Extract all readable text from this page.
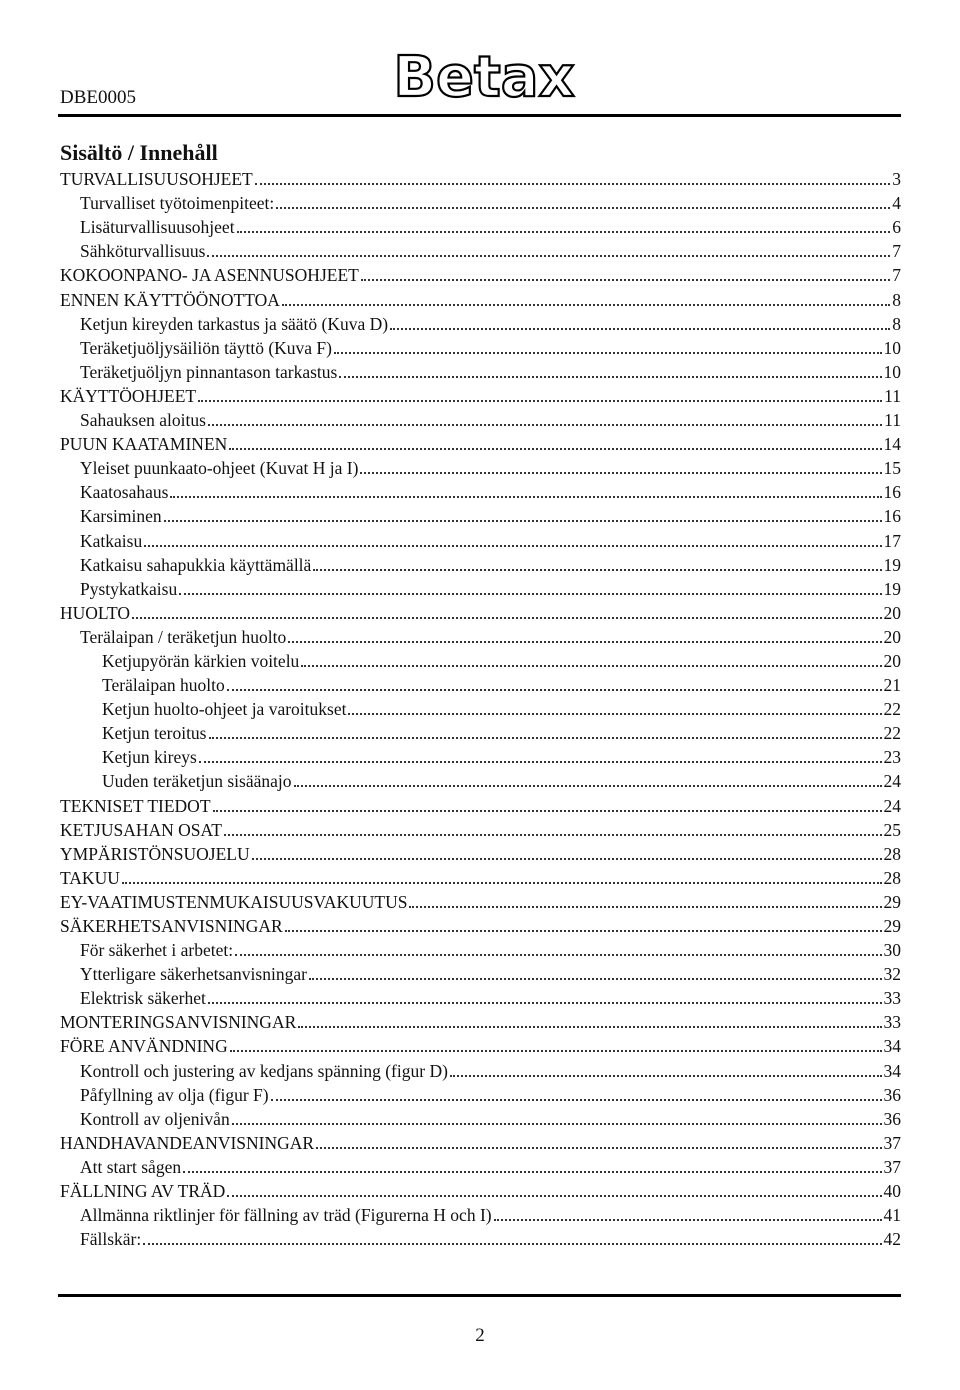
DBE0005	Betax
Sisältö / Innehåll
TURVALLISUUSOHJEET	3
Turvalliset työtoimenpiteet:	4
Lisäturvallisuusohjeet	6
Sähköturvallisuus	7
KOKOONPANO- JA ASENNUSOHJEET	7
ENNEN KÄYTTÖÖNOTTOA	8
Ketjun kireyden tarkastus ja säätö (Kuva D)	8
Teräketjuöljysäiliön täyttö (Kuva F)	10
Teräketjuöljyn pinnantason tarkastus	10
KÄYTTÖOHJEET	11
Sahauksen aloitus	11
PUUN KAATAMINEN	14
Yleiset puunkaato-ohjeet (Kuvat H ja I)	15
Kaatosahaus	16
Karsiminen	16
Katkaisu	17
Katkaisu sahapukkia käyttämällä	19
Pystykatkaisu	19
HUOLTO	20
Terälaipan / teräketjun huolto	20
Ketjupyörän kärkien voitelu	20
Terälaipan huolto	21
Ketjun huolto-ohjeet ja varoitukset	22
Ketjun teroitus	22
Ketjun kireys	23
Uuden teräketjun sisäänajo	24
TEKNISET TIEDOT	24
KETJUSAHAN OSAT	25
YMPÄRISTÖNSUOJELU	28
TAKUU	28
EY-VAATIMUSTENMUKAISUUSVAKUUTUS	29
SÄKERHETSANVISNINGAR	29
För säkerhet i arbetet:	30
Ytterligare säkerhetsanvisningar	32
Elektrisk säkerhet	33
MONTERINGSANVISNINGAR	33
FÖRE ANVÄNDNING	34
Kontroll och justering av kedjans spänning (figur D)	34
Påfyllning av olja (figur F)	36
Kontroll av oljenivån	36
HANDHAVANDEANVISNINGAR	37
Att start sågen	37
FÄLLNING AV TRÄD	40
Allmänna riktlinjer för fällning av träd (Figurerna H och I)	41
Fällskär:	42
2
